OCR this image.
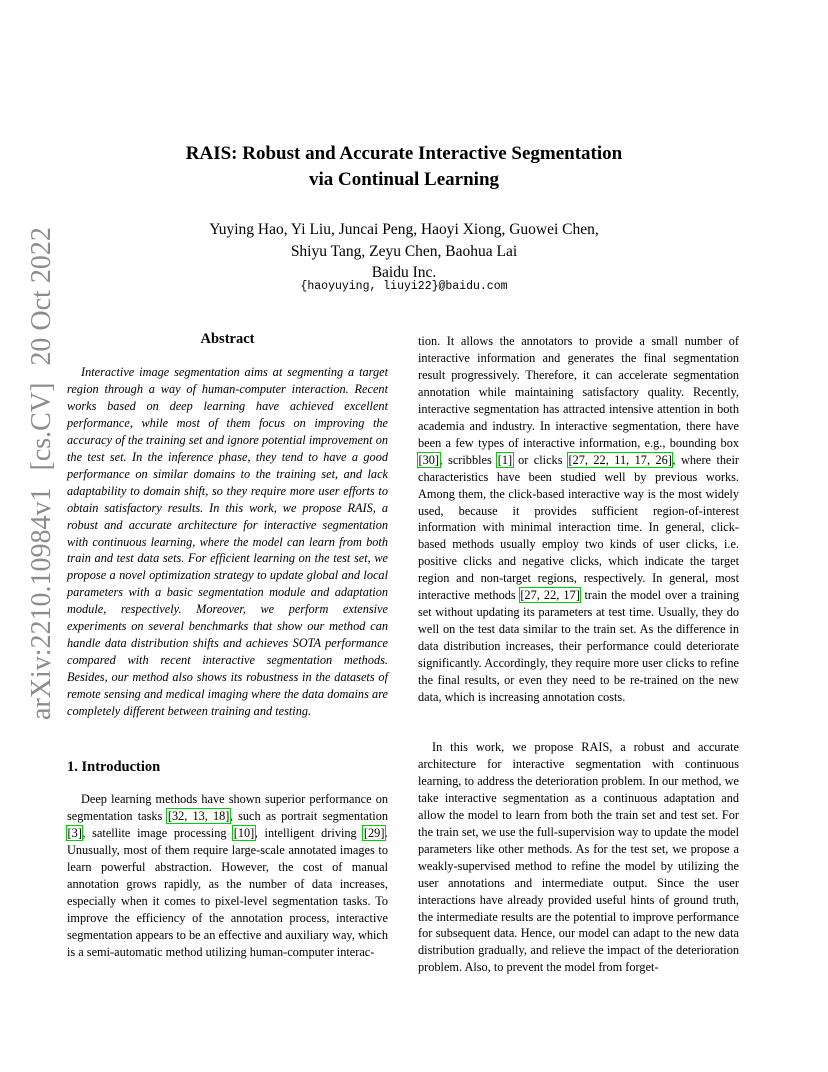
arXiv:2210.10984v1 [cs.CV] 20 Oct 2022
RAIS: Robust and Accurate Interactive Segmentation
via Continual Learning
Yuying Hao, Yi Liu, Juncai Peng, Haoyi Xiong, Guowei Chen,
Shiyu Tang, Zeyu Chen, Baohua Lai
Baidu Inc.
{haoyuying, liuyi22}@baidu.com
Abstract

Interactive image segmentation aims at segmenting a target region through a way of human-computer interaction. Recent works based on deep learning have achieved excellent performance, while most of them focus on improving the accuracy of the training set and ignore potential improvement on the test set. In the inference phase, they tend to have a good performance on similar domains to the training set, and lack adaptability to domain shift, so they require more user efforts to obtain satisfactory results. In this work, we propose RAIS, a robust and accurate architecture for interactive segmentation with continuous learning, where the model can learn from both train and test data sets. For efficient learning on the test set, we propose a novel optimization strategy to update global and local parameters with a basic segmentation module and adaptation module, respectively. Moreover, we perform extensive experiments on several benchmarks that show our method can handle data distribution shifts and achieves SOTA performance compared with recent interactive segmentation methods. Besides, our method also shows its robustness in the datasets of remote sensing and medical imaging where the data domains are completely different between training and testing.

1. Introduction

Deep learning methods have shown superior performance on segmentation tasks [32, 13, 18], such as portrait segmentation [3], satellite image processing [10], intelligent driving [29]. Unusually, most of them require large-scale annotated images to learn powerful abstraction. However, the cost of manual annotation grows rapidly, as the number of data increases, especially when it comes to pixel-level segmentation tasks. To improve the efficiency of the annotation process, interactive segmentation appears to be an effective and auxiliary way, which is a semi-automatic method utilizing human-computer interac-

tion. It allows the annotators to provide a small number of interactive information and generates the final segmentation result progressively. Therefore, it can accelerate segmentation annotation while maintaining satisfactory quality. Recently, interactive segmentation has attracted intensive attention in both academia and industry. In interactive segmentation, there have been a few types of interactive information, e.g., bounding box [30], scribbles [1] or clicks [27, 22, 11, 17, 26], where their characteristics have been studied well by previous works. Among them, the click-based interactive way is the most widely used, because it provides sufficient region-of-interest information with minimal interaction time. In general, click-based methods usually employ two kinds of user clicks, i.e. positive clicks and negative clicks, which indicate the target region and non-target regions, respectively. In general, most interactive methods [27, 22, 17] train the model over a training set without updating its parameters at test time. Usually, they do well on the test data similar to the train set. As the difference in data distribution increases, their performance could deteriorate significantly. Accordingly, they require more user clicks to refine the final results, or even they need to be re-trained on the new data, which is increasing annotation costs.

In this work, we propose RAIS, a robust and accurate architecture for interactive segmentation with continuous learning, to address the deterioration problem. In our method, we take interactive segmentation as a continuous adaptation and allow the model to learn from both the train set and test set. For the train set, we use the full-supervision way to update the model parameters like other methods. As for the test set, we propose a weakly-supervised method to refine the model by utilizing the user annotations and intermediate output. Since the user interactions have already provided useful hints of ground truth, the intermediate results are the potential to improve performance for subsequent data. Hence, our model can adapt to the new data distribution gradually, and relieve the impact of the deterioration problem. Also, to prevent the model from forget-
